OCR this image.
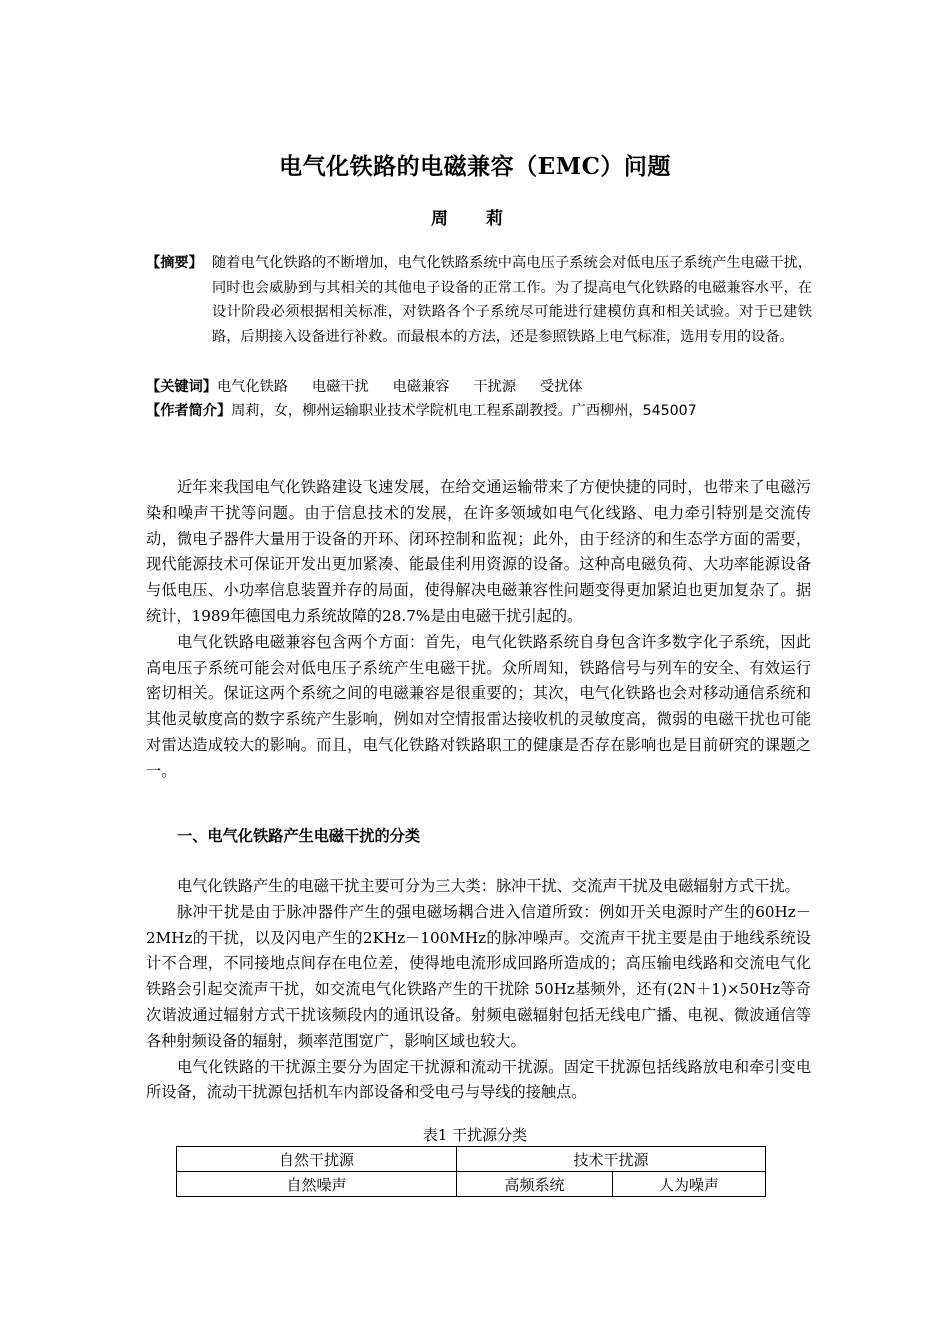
电气化铁路的电磁兼容（EMC）问题
周 莉
【摘要】 随着电气化铁路的不断增加，电气化铁路系统中高电压子系统会对低电压子系统产生电磁干扰，同时也会威胁到与其相关的其他电子设备的正常工作。为了提高电气化铁路的电磁兼容水平，在设计阶段必须根据相关标准，对铁路各个子系统尽可能进行建模仿真和相关试验。对于已建铁路，后期接入设备进行补救。而最根本的方法，还是参照铁路上电气标准，选用专用的设备。
【关键词】电气化铁路 电磁干扰 电磁兼容 干扰源 受扰体
【作者简介】周莉，女，柳州运输职业技术学院机电工程系副教授。广西柳州，545007

近年来我国电气化铁路建设飞速发展，在给交通运输带来了方便快捷的同时，也带来了电磁污染和噪声干扰等问题。由于信息技术的发展，在许多领域如电气化线路、电力牵引特别是交流传动，微电子器件大量用于设备的开环、闭环控制和监视；此外，由于经济的和生态学方面的需要，现代能源技术可保证开发出更加紧凑、能最佳利用资源的设备。这种高电磁负荷、大功率能源设备与低电压、小功率信息装置并存的局面，使得解决电磁兼容性问题变得更加紧迫也更加复杂了。据统计，1989年德国电力系统故障的28.7%是由电磁干扰引起的。

电气化铁路电磁兼容包含两个方面：首先，电气化铁路系统自身包含许多数字化子系统，因此高电压子系统可能会对低电压子系统产生电磁干扰。众所周知，铁路信号与列车的安全、有效运行密切相关。保证这两个系统之间的电磁兼容是很重要的；其次，电气化铁路也会对移动通信系统和其他灵敏度高的数字系统产生影响，例如对空情报雷达接收机的灵敏度高，微弱的电磁干扰也可能对雷达造成较大的影响。而且，电气化铁路对铁路职工的健康是否存在影响也是目前研究的课题之一。

一、电气化铁路产生电磁干扰的分类

电气化铁路产生的电磁干扰主要可分为三大类：脉冲干扰、交流声干扰及电磁辐射方式干扰。

脉冲干扰是由于脉冲器件产生的强电磁场耦合进入信道所致：例如开关电源时产生的60Hz－2MHz的干扰，以及闪电产生的2KHz－100MHz的脉冲噪声。交流声干扰主要是由于地线系统设计不合理，不同接地点间存在电位差，使得地电流形成回路所造成的；高压输电线路和交流电气化铁路会引起交流声干扰，如交流电气化铁路产生的干扰除 50Hz基频外，还有(2N＋1)×50Hz等奇次谐波通过辐射方式干扰该频段内的通讯设备。射频电磁辐射包括无线电广播、电视、微波通信等各种射频设备的辐射，频率范围宽广，影响区域也较大。

电气化铁路的干扰源主要分为固定干扰源和流动干扰源。固定干扰源包括线路放电和牵引变电所设备，流动干扰源包括机车内部设备和受电弓与导线的接触点。

表1 干扰源分类
自然干扰源	技术干扰源	
自然噪声	高频系统	人为噪声
